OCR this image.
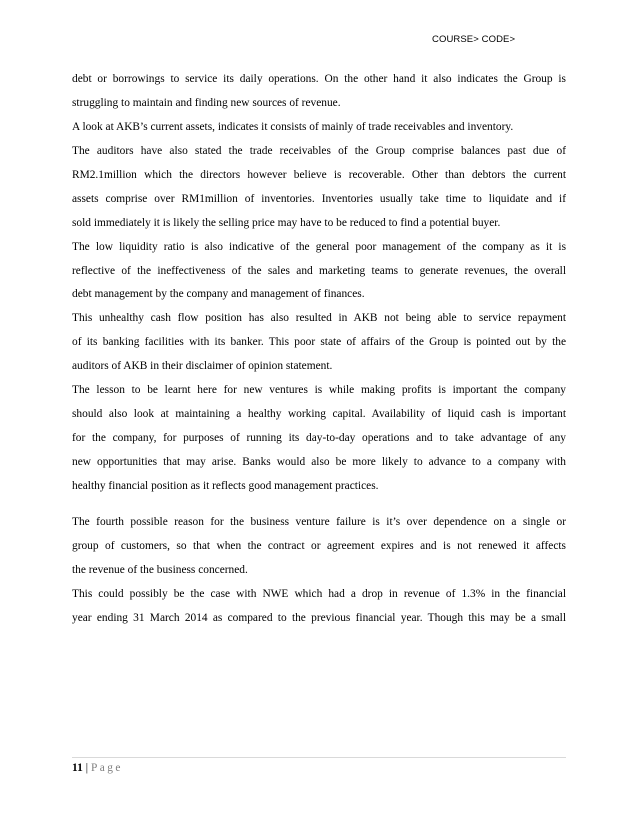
COURSE> CODE>
debt or borrowings to service its daily operations. On the other hand it also indicates the Group is
struggling to maintain and finding new sources of revenue.
A look at AKB’s current assets, indicates it consists of mainly of trade receivables and inventory.
The auditors have also stated the trade receivables of the Group comprise balances past due of
RM2.1million which the directors however believe is recoverable. Other than debtors the current
assets comprise over RM1million of inventories. Inventories usually take time to liquidate and if
sold immediately it is likely the selling price may have to be reduced to find a potential buyer.
The low liquidity ratio is also indicative of the general poor management of the company as it is
reflective of the ineffectiveness of the sales and marketing teams to generate revenues, the overall
debt management by the company and management of finances.
This unhealthy cash flow position has also resulted in AKB not being able to service repayment
of its banking facilities with its banker. This poor state of affairs of the Group is pointed out by the
auditors of AKB in their disclaimer of opinion statement.
The lesson to be learnt here for new ventures is while making profits is important the company
should also look at maintaining a healthy working capital. Availability of liquid cash is important
for the company, for purposes of running its day-to-day operations and to take advantage of any
new opportunities that may arise. Banks would also be more likely to advance to a company with
healthy financial position as it reflects good management practices.
The fourth possible reason for the business venture failure is it’s over dependence on a single or
group of customers, so that when the contract or agreement expires and is not renewed it affects
the revenue of the business concerned.
This could possibly be the case with NWE which had a drop in revenue of 1.3% in the financial
year ending 31 March 2014 as compared to the previous financial year. Though this may be a small
11 | Page
